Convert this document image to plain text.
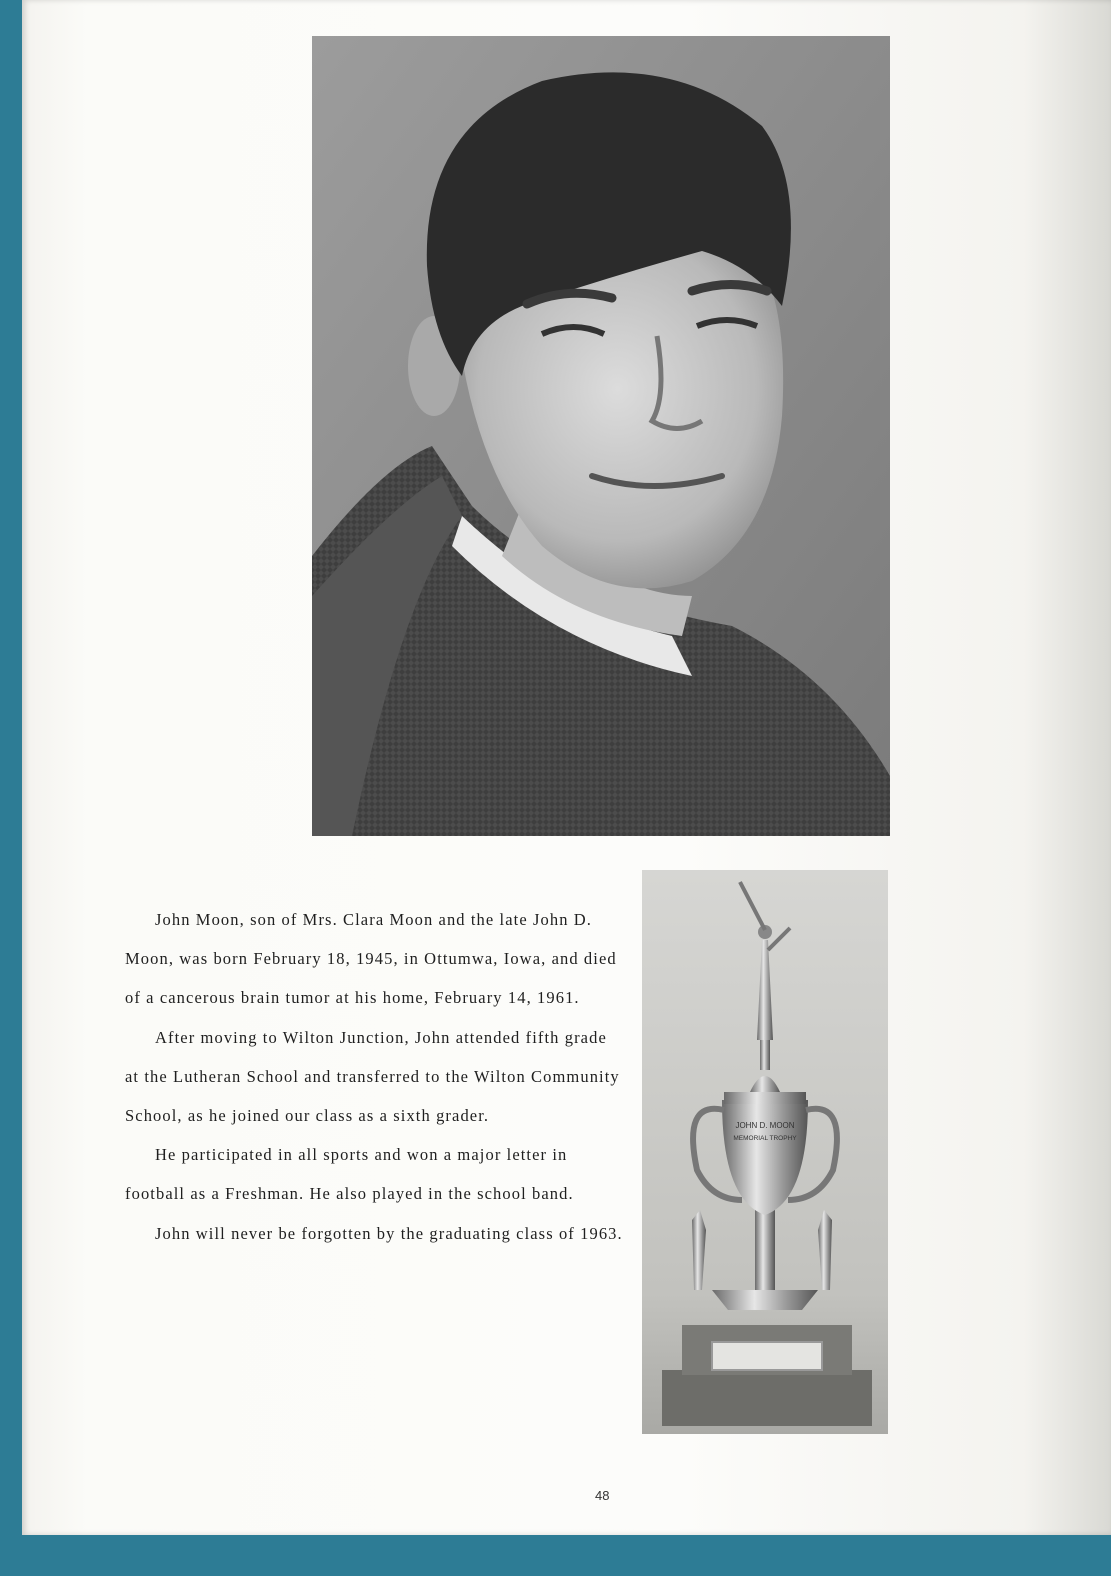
John Moon, son of Mrs. Clara Moon and the late John D. Moon, was born February 18, 1945, in Ottumwa, Iowa, and died of a cancerous brain tumor at his home, February 14, 1961.

After moving to Wilton Junction, John attended fifth grade at the Lutheran School and transferred to the Wilton Community School, as he joined our class as a sixth grader.

He participated in all sports and won a major letter in football as a Freshman. He also played in the school band.

John will never be forgotten by the graduating class of 1963.

JOHN D. MOON
MEMORIAL TROPHY
48
